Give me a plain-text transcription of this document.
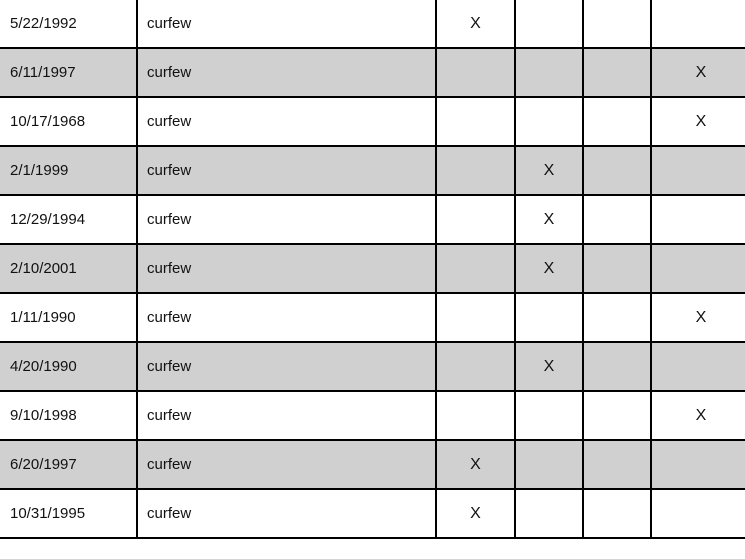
5/22/1992	curfew	X			
6/11/1997	curfew				X
10/17/1968	curfew				X
2/1/1999	curfew		X		
12/29/1994	curfew		X		
2/10/2001	curfew		X		
1/11/1990	curfew				X
4/20/1990	curfew		X		
9/10/1998	curfew				X
6/20/1997	curfew	X			
10/31/1995	curfew	X			
